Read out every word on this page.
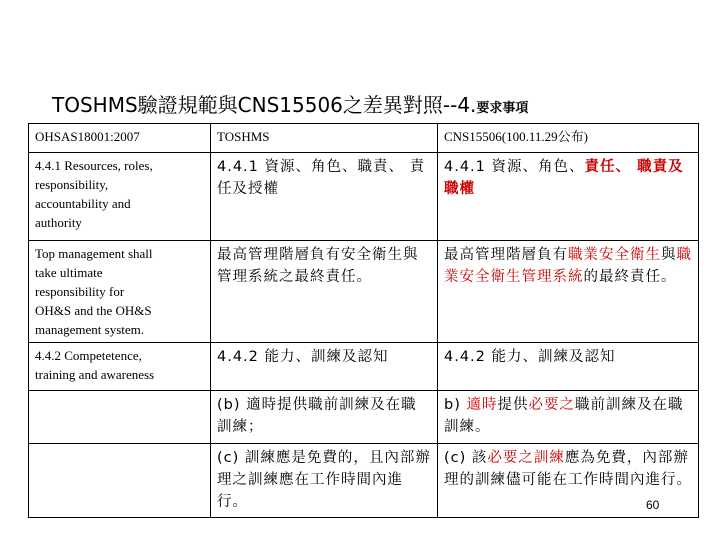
TOSHMS驗證規範與CNS15506之差異對照--4.要求事項
OHSAS18001:2007	TOSHMS	CNS15506(100.11.29公布)
4.4.1 Resources, roles,
responsibility,
accountability and
authority	4.4.1 資源、角色、職責、 責任及授權	4.4.1 資源、角色、責任、 職責及職權
Top management shall
take ultimate
responsibility for
OH&S and the OH&S
management system.	最高管理階層負有安全衛生與管理系統之最終責任。	最高管理階層負有職業安全衛生與職業安全衛生管理系統的最終責任。
4.4.2 Competetence,
training and awareness	4.4.2 能力、訓練及認知	4.4.2 能力、訓練及認知
	(b) 適時提供職前訓練及在職訓練；	b) 適時提供必要之職前訓練及在職訓練。
	(c) 訓練應是免費的，且內部辦理之訓練應在工作時間內進行。	(c) 該必要之訓練應為免費，內部辦理的訓練儘可能在工作時間內進行。
60
